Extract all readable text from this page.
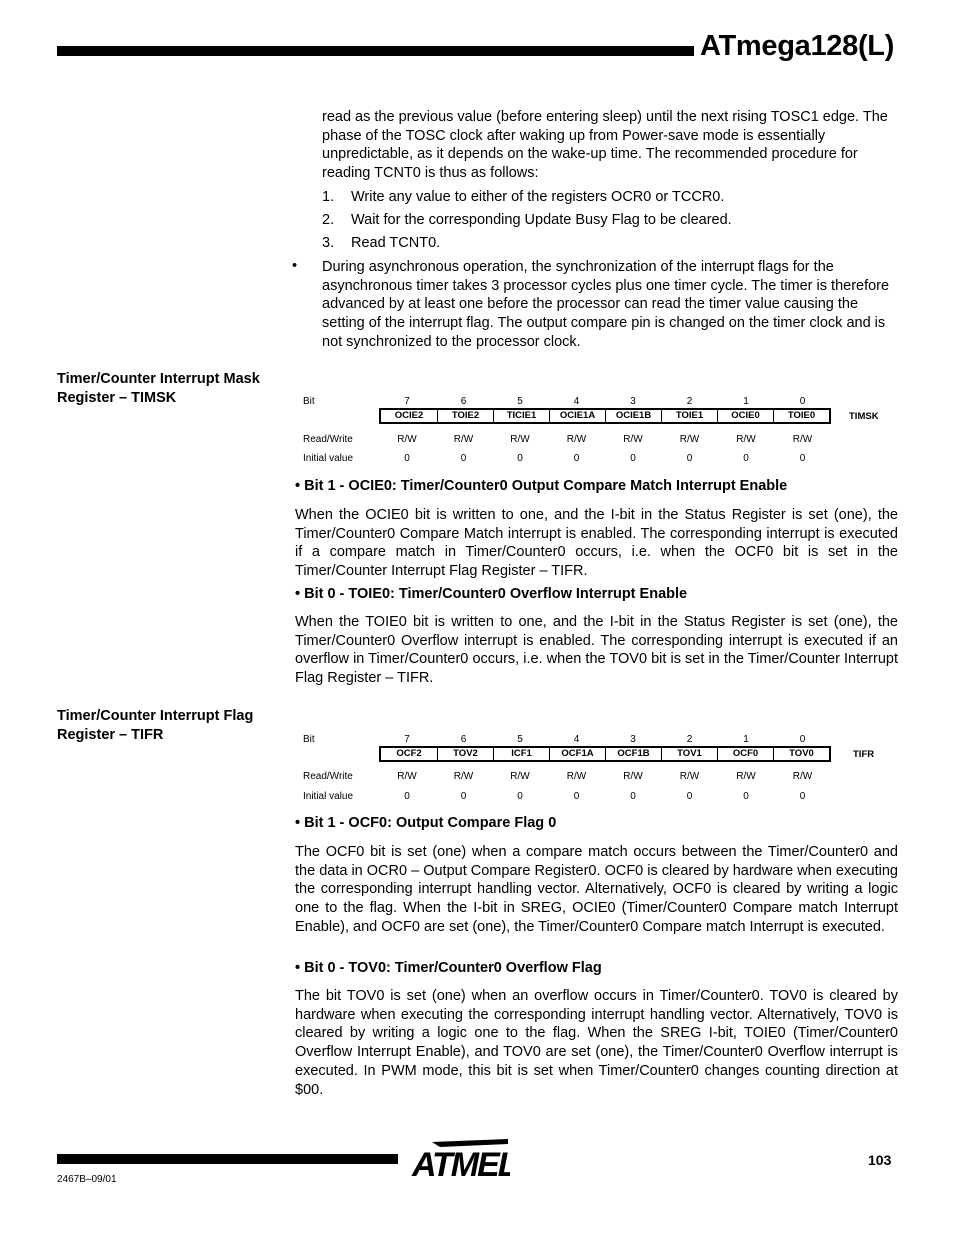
ATmega128(L)
read as the previous value (before entering sleep) until the next rising TOSC1 edge. The phase of the TOSC clock after waking up from Power-save mode is essentially unpredictable, as it depends on the wake-up time. The recommended procedure for reading TCNT0 is thus as follows:
1. Write any value to either of the registers OCR0 or TCCR0.
2. Wait for the corresponding Update Busy Flag to be cleared.
3. Read TCNT0.
• During asynchronous operation, the synchronization of the interrupt flags for the asynchronous timer takes 3 processor cycles plus one timer cycle. The timer is therefore advanced by at least one before the processor can read the timer value causing the setting of the interrupt flag. The output compare pin is changed on the timer clock and is not synchronized to the processor clock.
Timer/Counter Interrupt Mask
Register – TIMSK	Bit	7	6	5	4	3	2	1	0
OCIE2	TOIE2	TICIE1	OCIE1A	OCIE1B	TOIE1	OCIE0	TOIE0	TIMSK
Read/Write	R/W	R/W	R/W	R/W	R/W	R/W	R/W	R/W
Initial value	0	0	0	0	0	0	0	0
• Bit 1 - OCIE0: Timer/Counter0 Output Compare Match Interrupt Enable
When the OCIE0 bit is written to one, and the I-bit in the Status Register is set (one), the Timer/Counter0 Compare Match interrupt is enabled. The corresponding interrupt is executed if a compare match in Timer/Counter0 occurs, i.e. when the OCF0 bit is set in the Timer/Counter Interrupt Flag Register – TIFR.
• Bit 0 - TOIE0: Timer/Counter0 Overflow Interrupt Enable
When the TOIE0 bit is written to one, and the I-bit in the Status Register is set (one), the Timer/Counter0 Overflow interrupt is enabled. The corresponding interrupt is executed if an overflow in Timer/Counter0 occurs, i.e. when the TOV0 bit is set in the Timer/Counter Interrupt Flag Register – TIFR.
Timer/Counter Interrupt Flag
Register – TIFR	Bit	7	6	5	4	3	2	1	0
OCF2	TOV2	ICF1	OCF1A	OCF1B	TOV1	OCF0	TOV0	TIFR
Read/Write	R/W	R/W	R/W	R/W	R/W	R/W	R/W	R/W
Initial value	0	0	0	0	0	0	0	0
• Bit 1 - OCF0: Output Compare Flag 0
The OCF0 bit is set (one) when a compare match occurs between the Timer/Counter0 and the data in OCR0 – Output Compare Register0. OCF0 is cleared by hardware when executing the corresponding interrupt handling vector. Alternatively, OCF0 is cleared by writing a logic one to the flag. When the I-bit in SREG, OCIE0 (Timer/Counter0 Compare match Interrupt Enable), and OCF0 are set (one), the Timer/Counter0 Compare match Interrupt is executed.
• Bit 0 - TOV0: Timer/Counter0 Overflow Flag
The bit TOV0 is set (one) when an overflow occurs in Timer/Counter0. TOV0 is cleared by hardware when executing the corresponding interrupt handling vector. Alternatively, TOV0 is cleared by writing a logic one to the flag. When the SREG I-bit, TOIE0 (Timer/Counter0 Overflow Interrupt Enable), and TOV0 are set (one), the Timer/Counter0 Overflow interrupt is executed. In PWM mode, this bit is set when Timer/Counter0 changes counting direction at $00.
ATMEL	103
2467B–09/01
